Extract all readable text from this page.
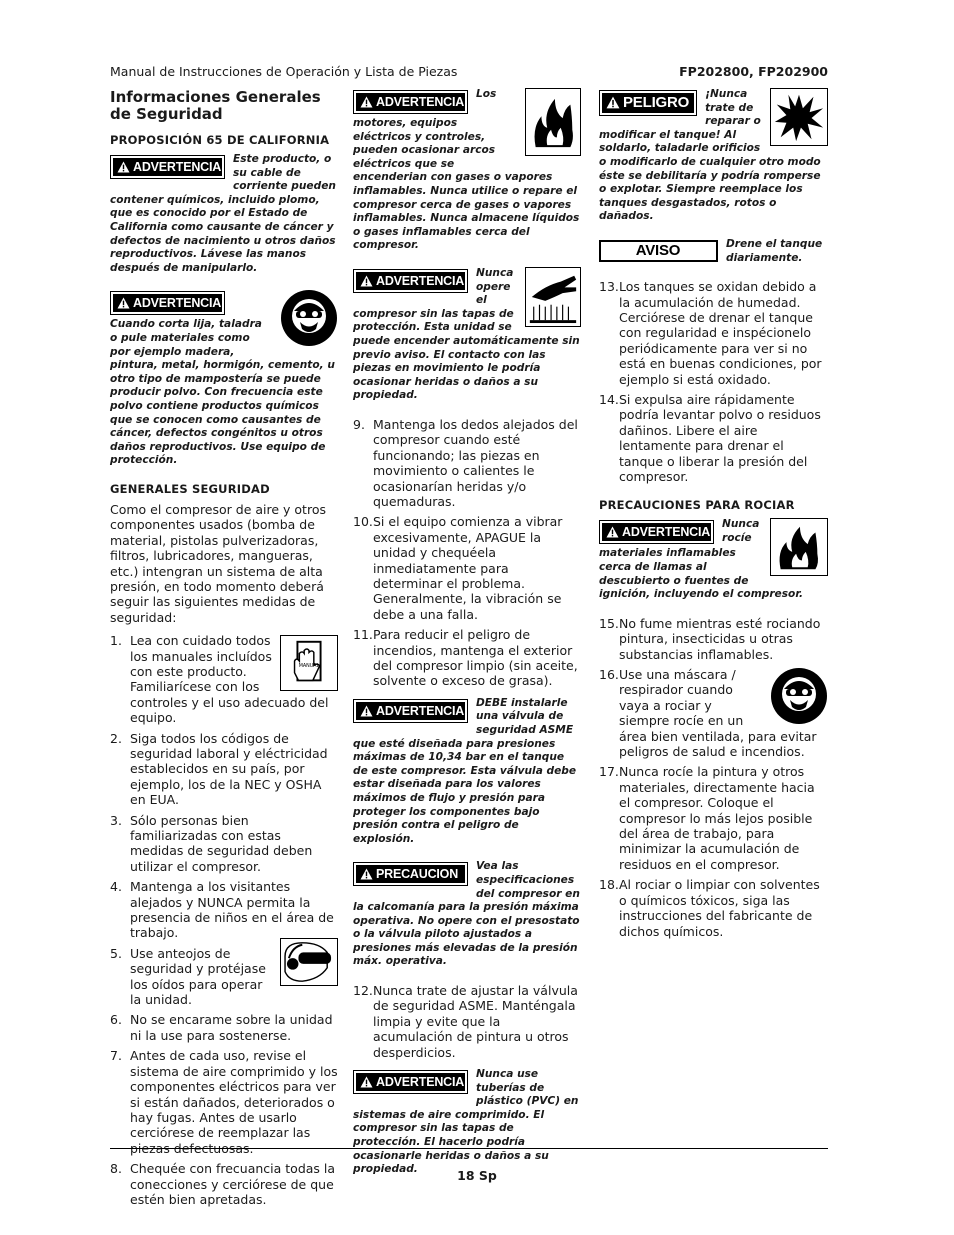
Manual de Instrucciones de Operación y Lista de Piezas	FP202800, FP202900
Informaciones Generales de Seguridad
PROPOSICIÓN 65 DE CALIFORNIA
ADVERTENCIA
Este producto, o su cable de corriente pueden contener químicos, incluido plomo, que es conocido por el Estado de California como causante de cáncer y defectos de nacimiento u otros daños reproductivos. Lávese las manos después de manipularlo.
ADVERTENCIA
Cuando corta lija, taladra o pule materiales como por ejemplo madera, pintura, metal, hormigón, cemento, u otro tipo de mampostería se puede producir polvo. Con frecuencia este polvo contiene productos químicos que se conocen como causantes de cáncer, defectos congénitos u otros daños reproductivos. Use equipo de protección.
GENERALES SEGURIDAD

Como el compresor de aire y otros componentes usados (bomba de material, pistolas pulverizadoras, filtros, lubricadores, mangueras, etc.) intengran un sistema de alta presión, en todo momento deberá seguir las siguientes medidas de seguridad:

1.
MANUAL
Lea con cuidado todos los manuales incluídos con este producto. Familiarícese con los controles y el uso adecuado del equipo.
2. Siga todos los códigos de seguridad laboral y eléctricidad establecidos en su país, por ejemplo, los de la NEC y OSHA en EUA.
3. Sólo personas bien familiarizadas con estas medidas de seguridad deben utilizar el compresor.
4. Mantenga a los visitantes alejados y NUNCA permita la presencia de niños en el área de trabajo.
5. Use anteojos de seguridad y protéjase los oídos para operar la unidad.
6. No se encarame sobre la unidad ni la use para sostenerse.
7. Antes de cada uso, revise el sistema de aire comprimido y los componentes eléctricos para ver si están dañados, deteriorados o hay fugas. Antes de usarlo cerciórese de reemplazar las piezas defectuosas.
8. Chequée con frecuancia todas la conecciones y cerciórese de que estén bien apretadas.
ADVERTENCIA
Los motores, equipos eléctricos y controles, pueden ocasionar arcos eléctricos que se encenderian con gases o vapores inflamables. Nunca utilice o repare el compresor cerca de gases o vapores inflamables. Nunca almacene líquidos o gases inflamables cerca del compresor.
ADVERTENCIA
Nunca opere el compresor sin las tapas de protección. Esta unidad se puede encender automáticamente sin previo aviso. El contacto con las piezas en movimiento le podría ocasionar heridas o daños a su propiedad.
9. Mantenga los dedos alejados del compresor cuando esté funcionando; las piezas en movimiento o calientes le ocasionarían heridas y/o quemaduras.
10. Si el equipo comienza a vibrar excesivamente, APAGUE la unidad y chequéela inmediatamente para determinar el problema. Generalmente, la vibración se debe a una falla.
11. Para reducir el peligro de incendios, mantenga el exterior del compresor limpio (sin aceite, solvente o exceso de grasa).
ADVERTENCIA
DEBE instalarle una válvula de seguridad ASME que esté diseñada para presiones máximas de 10,34 bar en el tanque de este compresor. Esta válvula debe estar diseñada para los valores máximos de flujo y presión para proteger los componentes bajo presión contra el peligro de explosión.
PRECAUCION
Vea las especificaciones del compresor en la calcomanía para la presión máxima operativa. No opere con el presostato o la válvula piloto ajustados a presiones más elevadas de la presión máx. operativa.
12. Nunca trate de ajustar la válvula de seguridad ASME. Manténgala limpia y evite que la acumulación de pintura u otros desperdicios.
ADVERTENCIA
Nunca use tuberías de plástico (PVC) en sistemas de aire comprimido. El compresor sin las tapas de protección. El hacerlo podría ocasionarle heridas o daños a su propiedad.
PELIGRO	¡Nunca trate de reparar o modificar el tanque! Al soldarlo, taladarle orificios o modificarlo de cualquier otro modo éste se debilitaría y podría romperse o explotar. Siempre reemplace los tanques desgastados, rotos o dañados.
AVISO	Drene el tanque diariamente.
13. Los tanques se oxidan debido a la acumulación de humedad. Cerciórese de drenar el tanque con regularidad e inspécionelo periódicamente para ver si no está en buenas condiciones, por ejemplo si está oxidado.
14. Si expulsa aire rápidamente podría levantar polvo o residuos dañinos. Libere el aire lentamente para drenar el tanque o liberar la presión del compresor.
PRECAUCIONES PARA ROCIAR
ADVERTENCIA
Nunca rocíe materiales inflamables cerca de llamas al descubierto o fuentes de ignición, incluyendo el compresor.
15. No fume mientras esté rociando pintura, insecticidas u otras substancias inflamables.
16. Use una máscara / respirador cuando vaya a rociar y siempre rocíe en un área bien ventilada, para evitar peligros de salud e incendios.
17. Nunca rocíe la pintura y otros materiales, directamente hacia el compresor. Coloque el compresor lo más lejos posible del área de trabajo, para minimizar la acumulación de residuos en el compresor.
18. Al rociar o limpiar con solventes o químicos tóxicos, siga las instrucciones del fabricante de dichos químicos.
18 Sp
